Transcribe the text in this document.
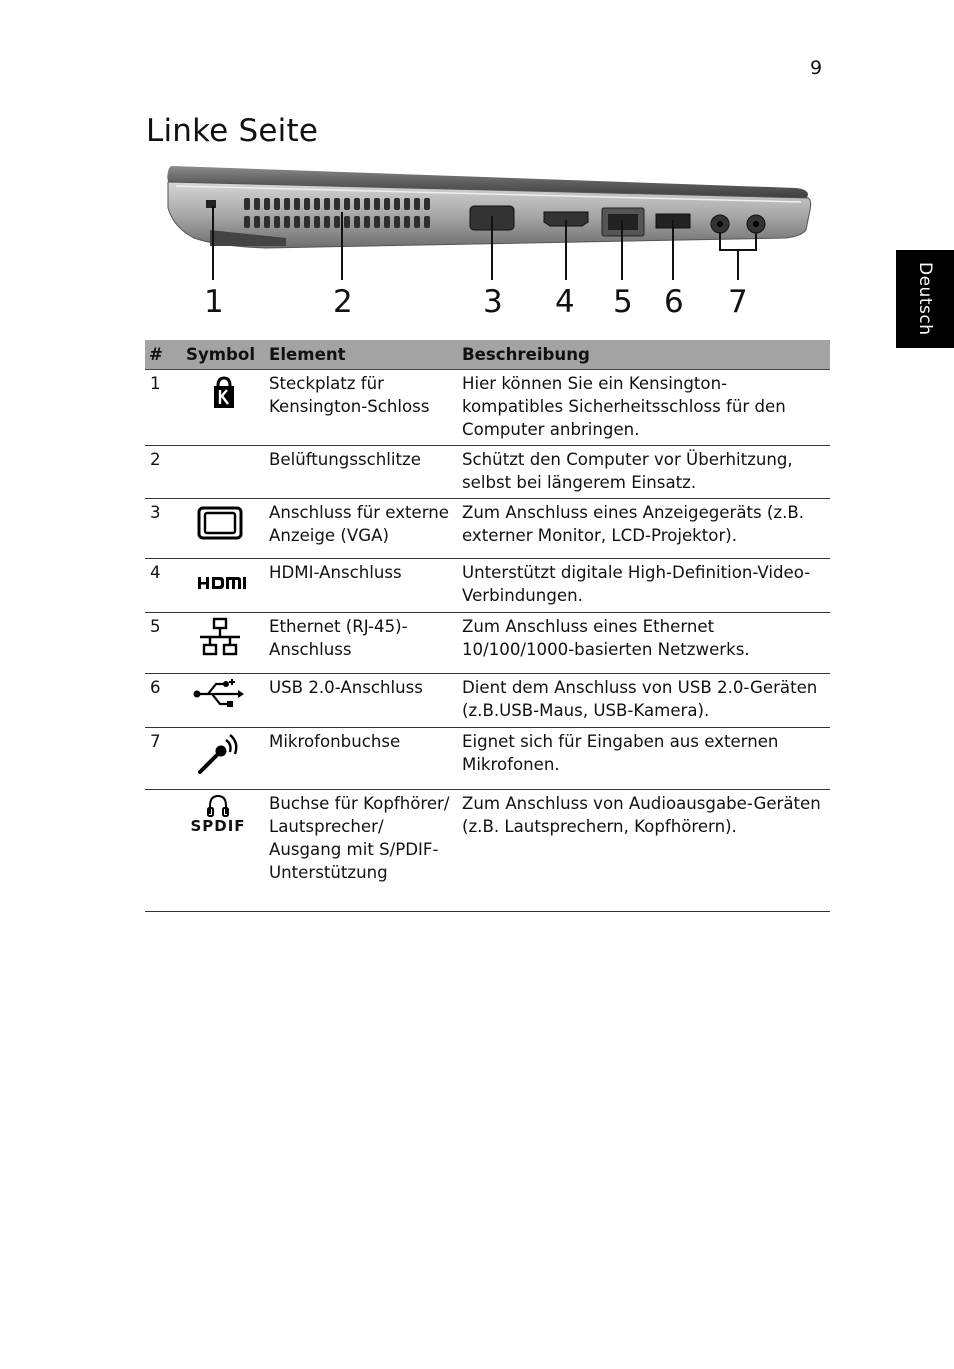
9
Linke Seite
Deutsch
1	2	3 4 5 6 7
#	Symbol	Element	Beschreibung
1		Steckplatz für Kensington-Schloss	Hier können Sie ein Kensington-kompatibles Sicherheitsschloss für den Computer anbringen.
2		Belüftungsschlitze	Schützt den Computer vor Überhitzung, selbst bei längerem Einsatz.
3		Anschluss für externe Anzeige (VGA)	Zum Anschluss eines Anzeigegeräts (z.B. externer Monitor, LCD-Projektor).
4		HDMI-Anschluss	Unterstützt digitale High-Definition-Video-Verbindungen.
5		Ethernet (RJ-45)-Anschluss	Zum Anschluss eines Ethernet 10/100/1000-basierten Netzwerks.
6		USB 2.0-Anschluss	Dient dem Anschluss von USB 2.0-Geräten (z.B.USB-Maus, USB-Kamera).
7		Mikrofonbuchse	Eignet sich für Eingaben aus externen Mikrofonen.

	SPDIF	Buchse für Kopfhörer/ Lautsprecher/ Ausgang mit S/PDIF-Unterstützung	Zum Anschluss von Audioausgabe-Geräten (z.B. Lautsprechern, Kopfhörern).
